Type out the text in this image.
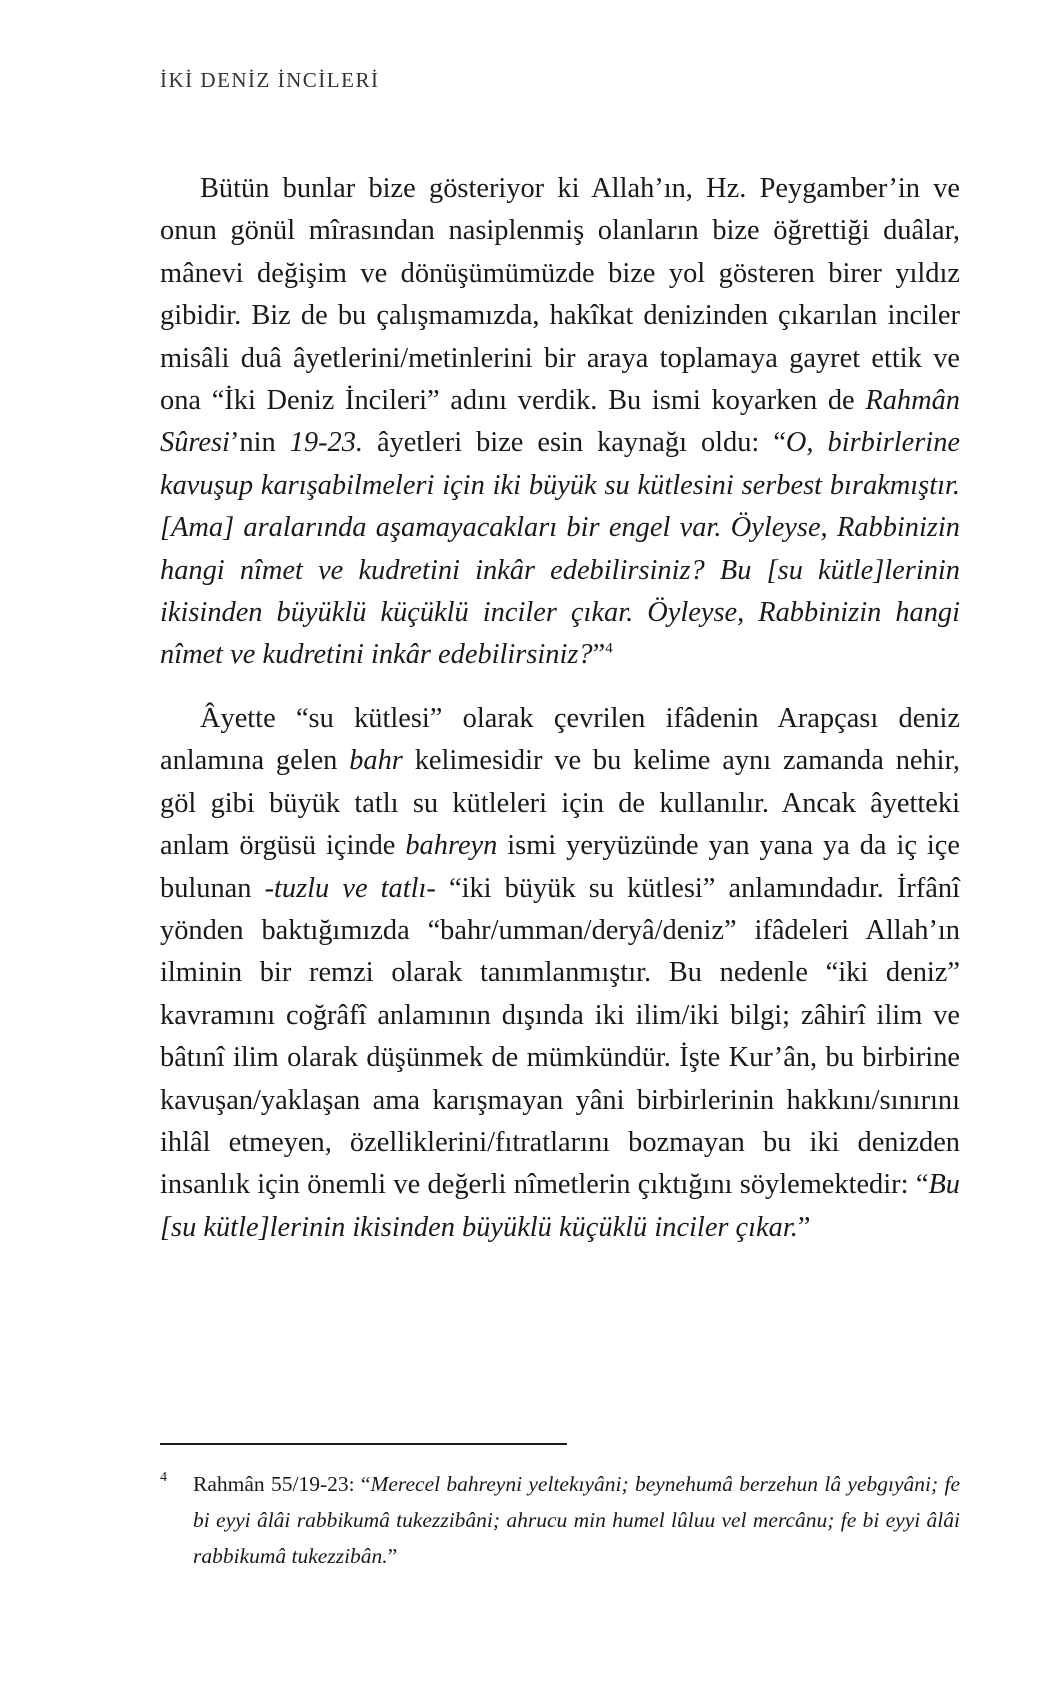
İKİ DENİZ İNCİLERİ

Bütün bunlar bize gösteriyor ki Allah’ın, Hz. Peygamber’in ve onun gönül mîrasından nasiplenmiş olanların bize öğrettiği duâlar, mânevi değişim ve dönüşümümüzde bize yol gösteren birer yıldız gibidir. Biz de bu çalışmamızda, hakîkat denizinden çıkarılan inciler misâli duâ âyetlerini/metinlerini bir araya toplamaya gayret ettik ve ona “İki Deniz İncileri” adını verdik. Bu ismi koyarken de Rahmân Sûresi’nin 19-23. âyetleri bize esin kaynağı oldu: “O, birbirlerine kavuşup karışabilmeleri için iki büyük su kütlesini serbest bırakmıştır. [Ama] aralarında aşamayacakları bir engel var. Öyleyse, Rabbinizin hangi nîmet ve kudretini inkâr edebilirsiniz? Bu [su kütle]lerinin ikisinden büyüklü küçüklü inciler çıkar. Öyleyse, Rabbinizin hangi nîmet ve kudretini inkâr edebilirsiniz?”$^4$

Âyette “su kütlesi” olarak çevrilen ifâdenin Arapçası deniz anlamına gelen bahr kelimesidir ve bu kelime aynı zamanda nehir, göl gibi büyük tatlı su kütleleri için de kullanılır. Ancak âyetteki anlam örgüsü içinde bahreyn ismi yeryüzünde yan yana ya da iç içe bulunan -tuzlu ve tatlı- “iki büyük su kütlesi” anlamındadır. İrfânî yönden baktığımızda “bahr/umman/deryâ/deniz” ifâdeleri Allah’ın ilminin bir remzi olarak tanımlanmıştır. Bu nedenle “iki deniz” kavramını coğrâfî anlamının dışında iki ilim/iki bilgi; zâhirî ilim ve bâtınî ilim olarak düşünmek de mümkündür. İşte Kur’ân, bu birbirine kavuşan/yaklaşan ama karışmayan yâni birbirlerinin hakkını/sınırını ihlâl etmeyen, özelliklerini/fıtratlarını bozmayan bu iki denizden insanlık için önemli ve değerli nîmetlerin çıktığını söylemektedir: “Bu [su kütle]lerinin ikisinden büyüklü küçüklü inciler çıkar.”

4 Rahmân 55/19-23: “Merecel bahreyni yeltekıyâni; beynehumâ berzehun lâ yebgıyâni; fe bi eyyi âlâi rabbikumâ tukezzibâni; ahrucu min humel lûluu vel mercânu; fe bi eyyi âlâi rabbikumâ tukezzibân.”
